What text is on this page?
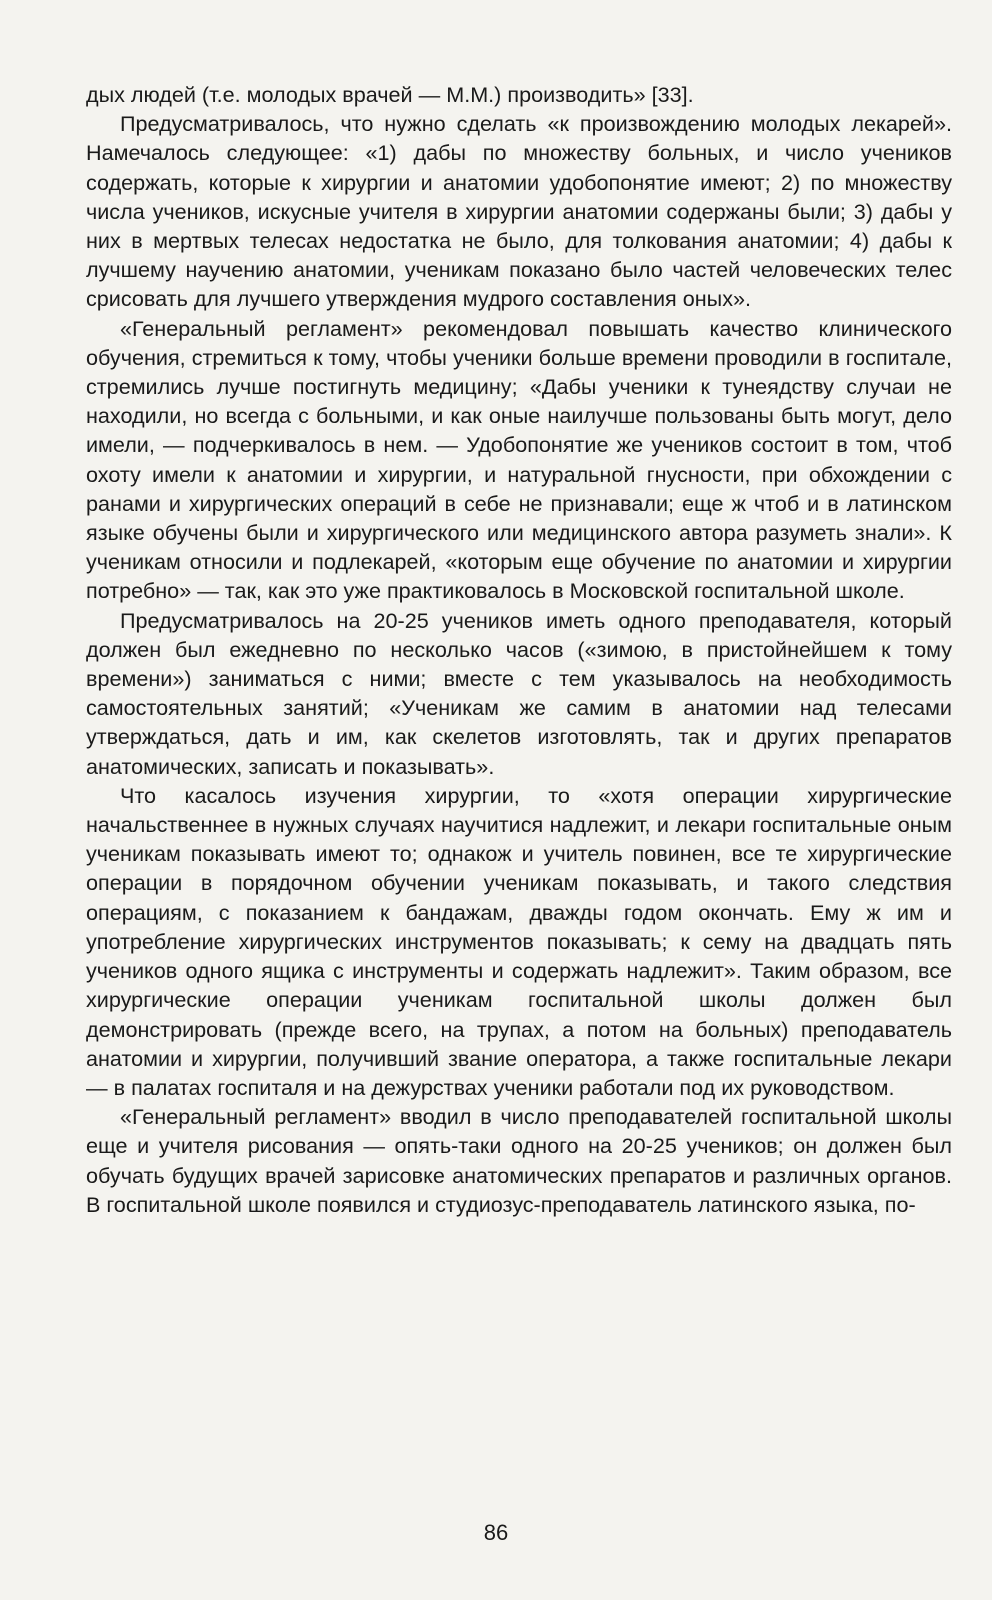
дых людей (т.е. молодых врачей — М.М.) производить» [33].

Предусматривалось, что нужно сделать «к произвождению молодых лекарей». Намечалось следующее: «1) дабы по множеству больных, и число учеников содержать, которые к хирургии и анатомии удобопонятие имеют; 2) по множеству числа учеников, искусные учителя в хирургии анатомии содержаны были; 3) дабы у них в мертвых телесах недостатка не было, для толкования анатомии; 4) дабы к лучшему научению анатомии, ученикам показано было частей человеческих телес срисовать для лучшего утверждения мудрого составления оных».

«Генеральный регламент» рекомендовал повышать качество клинического обучения, стремиться к тому, чтобы ученики больше времени проводили в госпитале, стремились лучше постигнуть медицину; «Дабы ученики к тунеядству случаи не находили, но всегда с больными, и как оные наилучше пользованы быть могут, дело имели, — подчеркивалось в нем. — Удобопонятие же учеников состоит в том, чтоб охоту имели к анатомии и хирургии, и натуральной гнусности, при обхождении с ранами и хирургических операций в себе не признавали; еще ж чтоб и в латинском языке обучены были и хирургического или медицинского автора разуметь знали». К ученикам относили и подлекарей, «которым еще обучение по анатомии и хирургии потребно» — так, как это уже практиковалось в Московской госпитальной школе.

Предусматривалось на 20-25 учеников иметь одного преподавателя, который должен был ежедневно по несколько часов («зимою, в пристойнейшем к тому времени») заниматься с ними; вместе с тем указывалось на необходимость самостоятельных занятий; «Ученикам же самим в анатомии над телесами утверждаться, дать и им, как скелетов изготовлять, так и других препаратов анатомических, записать и показывать».

Что касалось изучения хирургии, то «хотя операции хирургические начальственнее в нужных случаях научитися надлежит, и лекари госпитальные оным ученикам показывать имеют то; однакож и учитель повинен, все те хирургические операции в порядочном обучении ученикам показывать, и такого следствия операциям, с показанием к бандажам, дважды годом окончать. Ему ж им и употребление хирургических инструментов показывать; к сему на двадцать пять учеников одного ящика с инструменты и содержать надлежит». Таким образом, все хирургические операции ученикам госпитальной школы должен был демонстрировать (прежде всего, на трупах, а потом на больных) преподаватель анатомии и хирургии, получивший звание оператора, а также госпитальные лекари — в палатах госпиталя и на дежурствах ученики работали под их руководством.

«Генеральный регламент» вводил в число преподавателей госпитальной школы еще и учителя рисования — опять-таки одного на 20-25 учеников; он должен был обучать будущих врачей зарисовке анатомических препаратов и различных органов. В госпитальной школе появился и студиозус-преподаватель латинского языка, по-

86
